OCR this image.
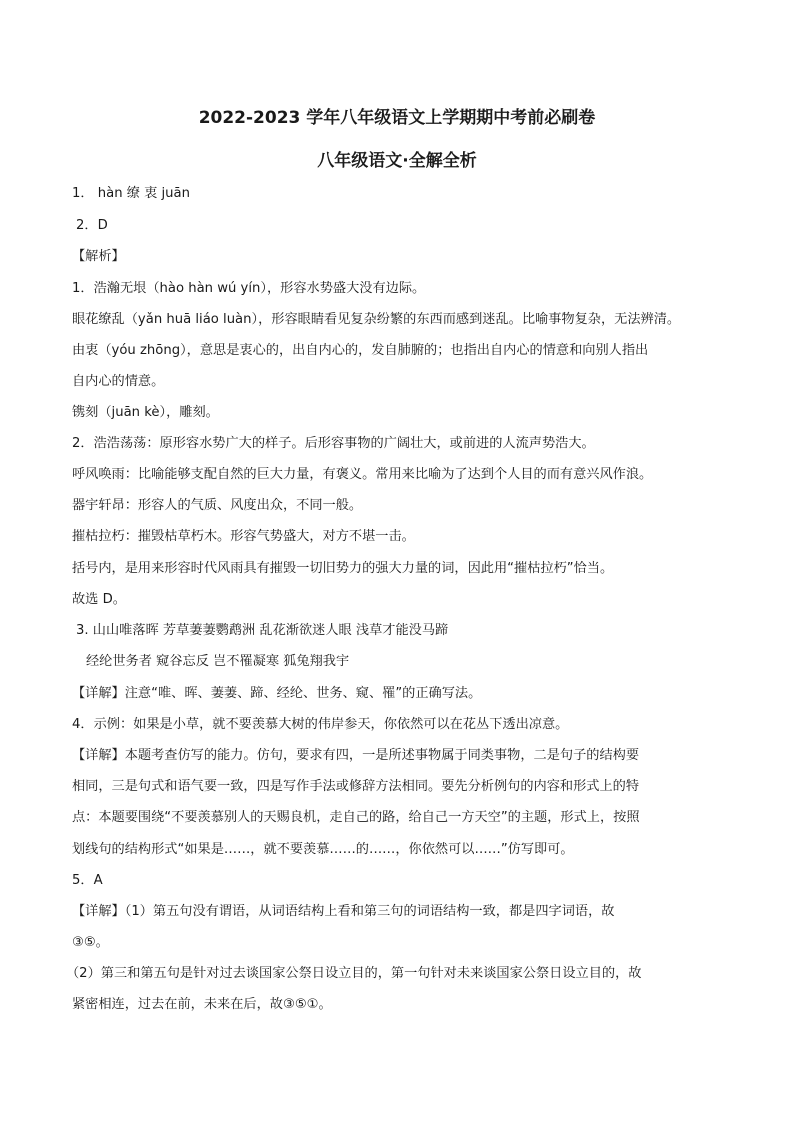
2022-2023 学年八年级语文上学期期中考前必刷卷
八年级语文·全解全析
1． hàn 缭 衷 juān
2．D
【解析】
1．浩瀚无垠（hào hàn wú yín），形容水势盛大没有边际。
眼花缭乱（yǎn huā liáo luàn），形容眼睛看见复杂纷繁的东西而感到迷乱。比喻事物复杂，无法辨清。
由衷（yóu zhōng），意思是衷心的，出自内心的，发自肺腑的；也指出自内心的情意和向别人指出
自内心的情意。
镌刻（juān kè），雕刻。
2．浩浩荡荡：原形容水势广大的样子。后形容事物的广阔壮大，或前进的人流声势浩大。
呼风唤雨：比喻能够支配自然的巨大力量，有褒义。常用来比喻为了达到个人目的而有意兴风作浪。
器宇轩昂：形容人的气质、风度出众，不同一般。
摧枯拉朽：摧毁枯草朽木。形容气势盛大，对方不堪一击。
括号内，是用来形容时代风雨具有摧毁一切旧势力的强大力量的词，因此用“摧枯拉朽”恰当。
故选 D。
3. 山山唯落晖 芳草萋萋鹦鹉洲 乱花渐欲迷人眼 浅草才能没马蹄
经纶世务者 窥谷忘反 岂不罹凝寒 狐兔翔我宇
【详解】注意“唯、晖、萋萋、蹄、经纶、世务、窥、罹”的正确写法。
4．示例：如果是小草，就不要羡慕大树的伟岸参天，你依然可以在花丛下透出凉意。
【详解】本题考查仿写的能力。仿句，要求有四，一是所述事物属于同类事物，二是句子的结构要
相同，三是句式和语气要一致，四是写作手法或修辞方法相同。要先分析例句的内容和形式上的特
点：本题要围绕“不要羡慕别人的天赐良机，走自己的路，给自己一方天空”的主题，形式上，按照
划线句的结构形式“如果是……，就不要羡慕……的……，你依然可以……”仿写即可。
5．A
【详解】（1）第五句没有谓语，从词语结构上看和第三句的词语结构一致，都是四字词语，故
③⑤。
（2）第三和第五句是针对过去谈国家公祭日设立目的，第一句针对未来谈国家公祭日设立目的，故
紧密相连，过去在前，未来在后，故③⑤①。
